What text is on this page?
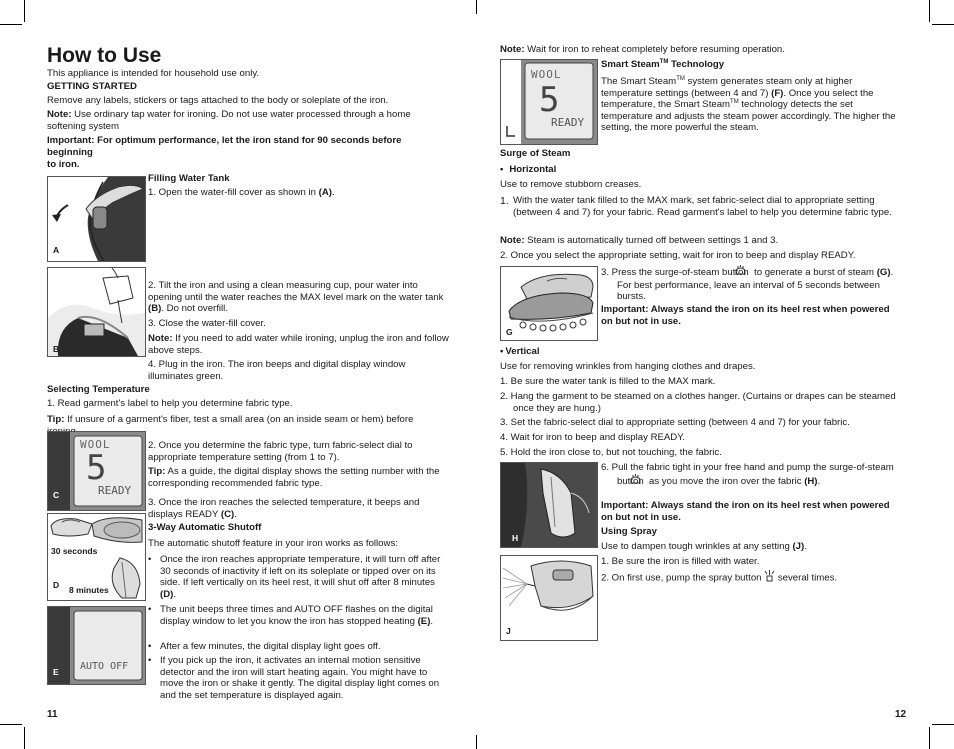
How to Use
This appliance is intended for household use only.
GETTING STARTED
Remove any labels, stickers or tags attached to the body or soleplate of the iron.
Note: Use ordinary tap water for ironing. Do not use water processed through a home softening system
Important: For optimum performance, let the iron stand for 90 seconds before beginning
to iron.
A
Filling Water Tank
1. Open the water-fill cover as shown in (A).
B
2. Tilt the iron and using a clean measuring cup, pour water into opening until the water reaches the MAX level mark on the water tank (B). Do not overfill.
3. Close the water-fill cover.
Note: If you need to add water while ironing, unplug the iron and follow above steps.
4. Plug in the iron. The iron beeps and digital display window illuminates green.
Selecting Temperature
1. Read garment's label to help you determine fabric type.
Tip: If unsure of a garment's fiber, test a small area (on an inside seam or hem) before
WOOL
5
READY
C
2. Once you determine the fabric type, turn fabric-select dial to appropriate temperature setting (from 1 to 7).
Tip: As a guide, the digital display shows the setting number with the corresponding recommended fabric type.
3. Once the iron reaches the selected temperature, it beeps and displays READY (C).
30 seconds
D 8 minutes
3-Way Automatic Shutoff
The automatic shutoff feature in your iron works as follows:
• Once the iron reaches appropriate temperature, it will turn off after 30 seconds of inactivity if left on its soleplate or tipped over on its side. If left vertically on its heel rest, it will shut off after 8 minutes (D).
AUTO OFF
E
• The unit beeps three times and AUTO OFF flashes on the digital display window to let you know the iron has stopped heating (E).
• After a few minutes, the digital display light goes off.
• If you pick up the iron, it activates an internal motion sensitive detector and the iron will start heating again. You might have to move the iron or shake it gently. The digital display light comes on and the set temperature is displayed again.
11
Note: Wait for iron to reheat completely before resuming operation.
WOOL
5
READY
Smart Steam™ Technology
The Smart Steam™ system generates steam only at higher temperature settings (between 4 and 7) (F). Once you select the temperature, the Smart Steam™ technology detects the set temperature and adjusts the steam power accordingly. The higher the setting, the more powerful the steam.
Surge of Steam
• Horizontal
Use to remove stubborn creases.
1. With the water tank filled to the MAX mark, set fabric-select dial to appropriate setting (between 4 and 7) for your fabric. Read garment's label to help you determine fabric type.
Note: Steam is automatically turned off between settings 1 and 3.
2. Once you select the appropriate setting, wait for iron to beep and display READY.
G
3. Press the surge-of-steam button  to generate a burst of steam (G). For best performance, leave an interval of 5 seconds between bursts.
Important: Always stand the iron on its heel rest when powered on but not in use.
• Vertical
Use for removing wrinkles from hanging clothes and drapes.
1. Be sure the water tank is filled to the MAX mark.
2. Hang the garment to be steamed on a clothes hanger. (Curtains or drapes can be steamed once they are hung.)
3. Set the fabric-select dial to appropriate setting (between 4 and 7) for your fabric.
4. Wait for iron to beep and display READY.
5. Hold the iron close to, but not touching, the fabric.
H
6. Pull the fabric tight in your free hand and pump the surge-of-steam button  as you move the iron over the fabric (H).
Important: Always stand the iron on its heel rest when powered on but not in use.
Using Spray
Use to dampen tough wrinkles at any setting (J).
J
1. Be sure the iron is filled with water.
2. On first use, pump the spray button  several times.
12
